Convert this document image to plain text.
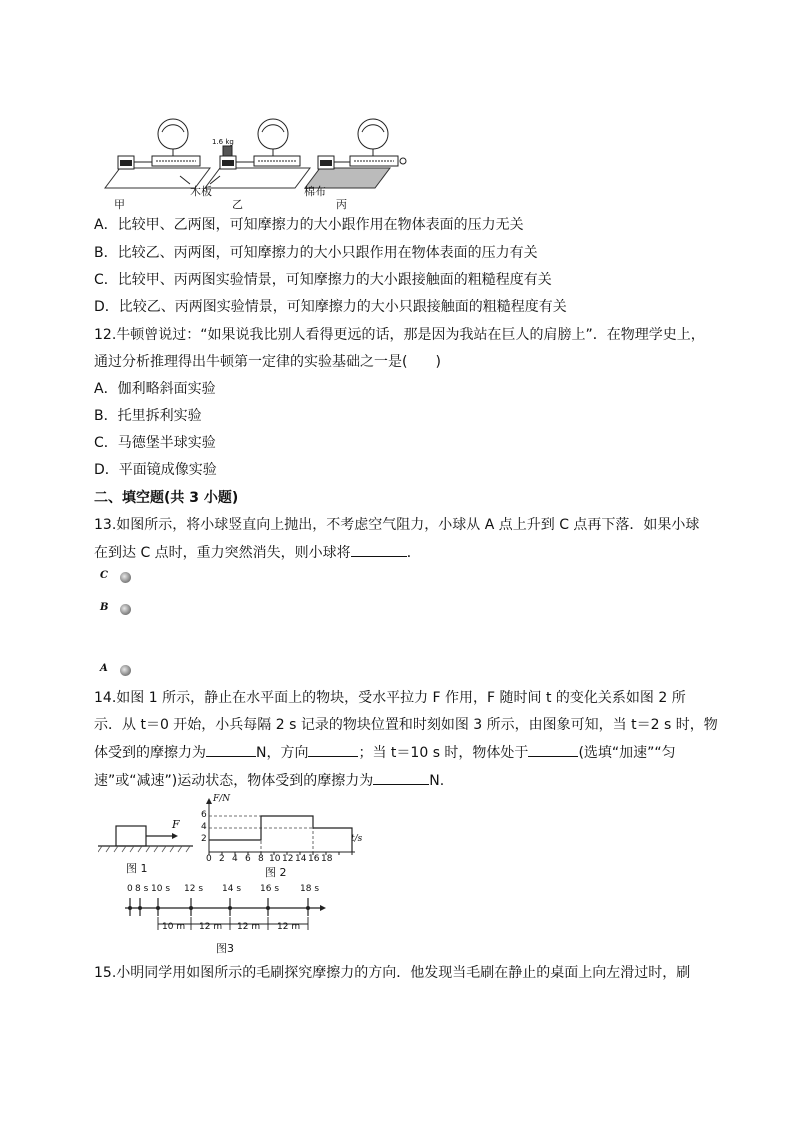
1.6 kg
木板	棉布
甲	乙	丙
A．比较甲、乙两图，可知摩擦力的大小跟作用在物体表面的压力无关
B．比较乙、丙两图，可知摩擦力的大小只跟作用在物体表面的压力有关
C．比较甲、丙两图实验情景，可知摩擦力的大小跟接触面的粗糙程度有关
D．比较乙、丙两图实验情景，可知摩擦力的大小只跟接触面的粗糙程度有关
12.牛顿曾说过：“如果说我比别人看得更远的话，那是因为我站在巨人的肩膀上”．在物理学史上，
通过分析推理得出牛顿第一定律的实验基础之一是(　　)
A．伽利略斜面实验
B．托里拆利实验
C．马德堡半球实验
D．平面镜成像实验
二、填空题(共 3 小题)
13.如图所示，将小球竖直向上抛出，不考虑空气阻力，小球从 A 点上升到 C 点再下落．如果小球
在到达 C 点时，重力突然消失，则小球将	．
C
B
A
14.如图 1 所示，静止在水平面上的物块，受水平拉力 F 作用，F 随时间 t 的变化关系如图 2 所
示．从 t＝0 开始，小兵每隔 2 s 记录的物块位置和时刻如图 3 所示，由图象可知，当 t＝2 s 时，物
体受到的摩擦力为	N，方向	；当 t＝10 s 时，物体处于	(选填“加速”“匀
速”或“减速”)运动状态，物体受到的摩擦力为	N.
F
图 1
F/N
6
4
2	t/s
0 2 4 6 8 10 12 14 16 18
图 2
0 8 s 10 s 12 s 14 s 16 s 18 s
10 m 12 m 12 m 12 m
图3
15.小明同学用如图所示的毛刷探究摩擦力的方向．他发现当毛刷在静止的桌面上向左滑过时，刷
